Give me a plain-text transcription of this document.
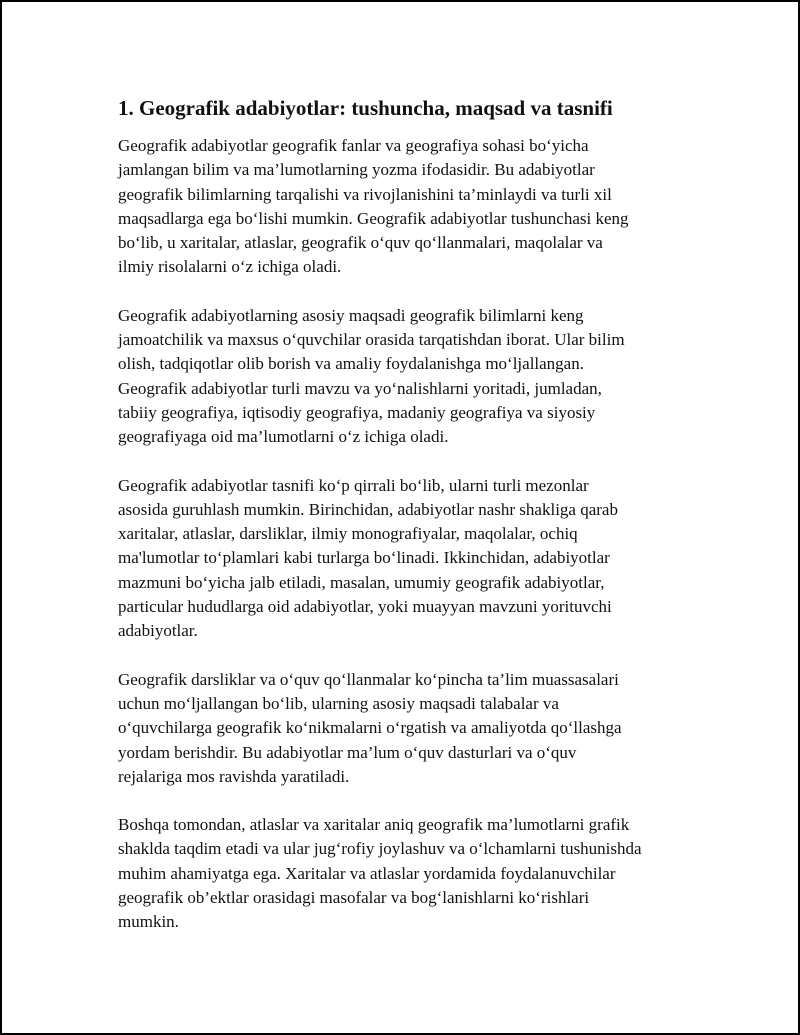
1. Geografik adabiyotlar: tushuncha, maqsad va tasnifi

Geografik adabiyotlar geografik fanlar va geografiya sohasi bo‘yicha
jamlangan bilim va ma’lumotlarning yozma ifodasidir. Bu adabiyotlar
geografik bilimlarning tarqalishi va rivojlanishini ta’minlaydi va turli xil
maqsadlarga ega bo‘lishi mumkin. Geografik adabiyotlar tushunchasi keng
bo‘lib, u xaritalar, atlaslar, geografik o‘quv qo‘llanmalari, maqolalar va
ilmiy risolalarni o‘z ichiga oladi.

Geografik adabiyotlarning asosiy maqsadi geografik bilimlarni keng
jamoatchilik va maxsus o‘quvchilar orasida tarqatishdan iborat. Ular bilim
olish, tadqiqotlar olib borish va amaliy foydalanishga mo‘ljallangan.
Geografik adabiyotlar turli mavzu va yo‘nalishlarni yoritadi, jumladan,
tabiiy geografiya, iqtisodiy geografiya, madaniy geografiya va siyosiy
geografiyaga oid ma’lumotlarni o‘z ichiga oladi.

Geografik adabiyotlar tasnifi ko‘p qirrali bo‘lib, ularni turli mezonlar
asosida guruhlash mumkin. Birinchidan, adabiyotlar nashr shakliga qarab
xaritalar, atlaslar, darsliklar, ilmiy monografiyalar, maqolalar, ochiq
ma'lumotlar to‘plamlari kabi turlarga bo‘linadi. Ikkinchidan, adabiyotlar
mazmuni bo‘yicha jalb etiladi, masalan, umumiy geografik adabiyotlar,
particular hududlarga oid adabiyotlar, yoki muayyan mavzuni yorituvchi
adabiyotlar.

Geografik darsliklar va o‘quv qo‘llanmalar ko‘pincha ta’lim muassasalari
uchun mo‘ljallangan bo‘lib, ularning asosiy maqsadi talabalar va
o‘quvchilarga geografik ko‘nikmalarni o‘rgatish va amaliyotda qo‘llashga
yordam berishdir. Bu adabiyotlar ma’lum o‘quv dasturlari va o‘quv
rejalariga mos ravishda yaratiladi.

Boshqa tomondan, atlaslar va xaritalar aniq geografik ma’lumotlarni grafik
shaklda taqdim etadi va ular jug‘rofiy joylashuv va o‘lchamlarni tushunishda
muhim ahamiyatga ega. Xaritalar va atlaslar yordamida foydalanuvchilar
geografik ob’ektlar orasidagi masofalar va bog‘lanishlarni ko‘rishlari
mumkin.
